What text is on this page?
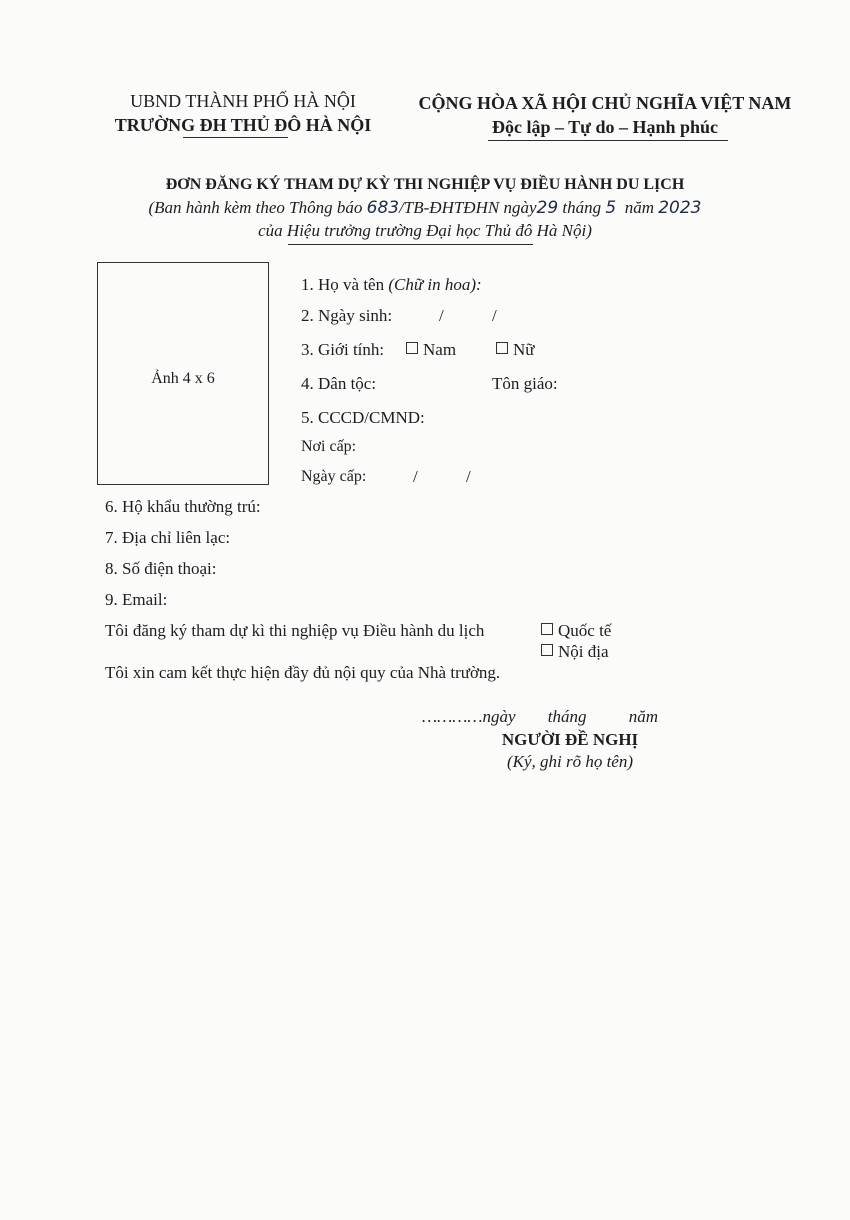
UBND THÀNH PHỐ HÀ NỘI
TRƯỜNG ĐH THỦ ĐÔ HÀ NỘI
CỘNG HÒA XÃ HỘI CHỦ NGHĨA VIỆT NAM
Độc lập – Tự do – Hạnh phúc
ĐƠN ĐĂNG KÝ THAM DỰ KỲ THI NGHIỆP VỤ ĐIỀU HÀNH DU LỊCH
(Ban hành kèm theo Thông báo 683/TB-ĐHTĐHN ngày29 tháng 5 năm 2023
của Hiệu trưởng trường Đại học Thủ đô Hà Nội)
Ảnh 4 x 6
1. Họ và tên (Chữ in hoa):
2. Ngày sinh:	/	/
3. Giới tính:	Nam	Nữ
4. Dân tộc:	Tôn giáo:
5. CCCD/CMND:
Nơi cấp:
Ngày cấp:	/	/
6. Hộ khẩu thường trú:
7. Địa chỉ liên lạc:
8. Số điện thoại:
9. Email:
Tôi đăng ký tham dự kì thi nghiệp vụ Điều hành du lịch	Quốc tế
Nội địa
Tôi xin cam kết thực hiện đầy đủ nội quy của Nhà trường.
…………ngày tháng năm
NGƯỜI ĐỀ NGHỊ
(Ký, ghi rõ họ tên)
